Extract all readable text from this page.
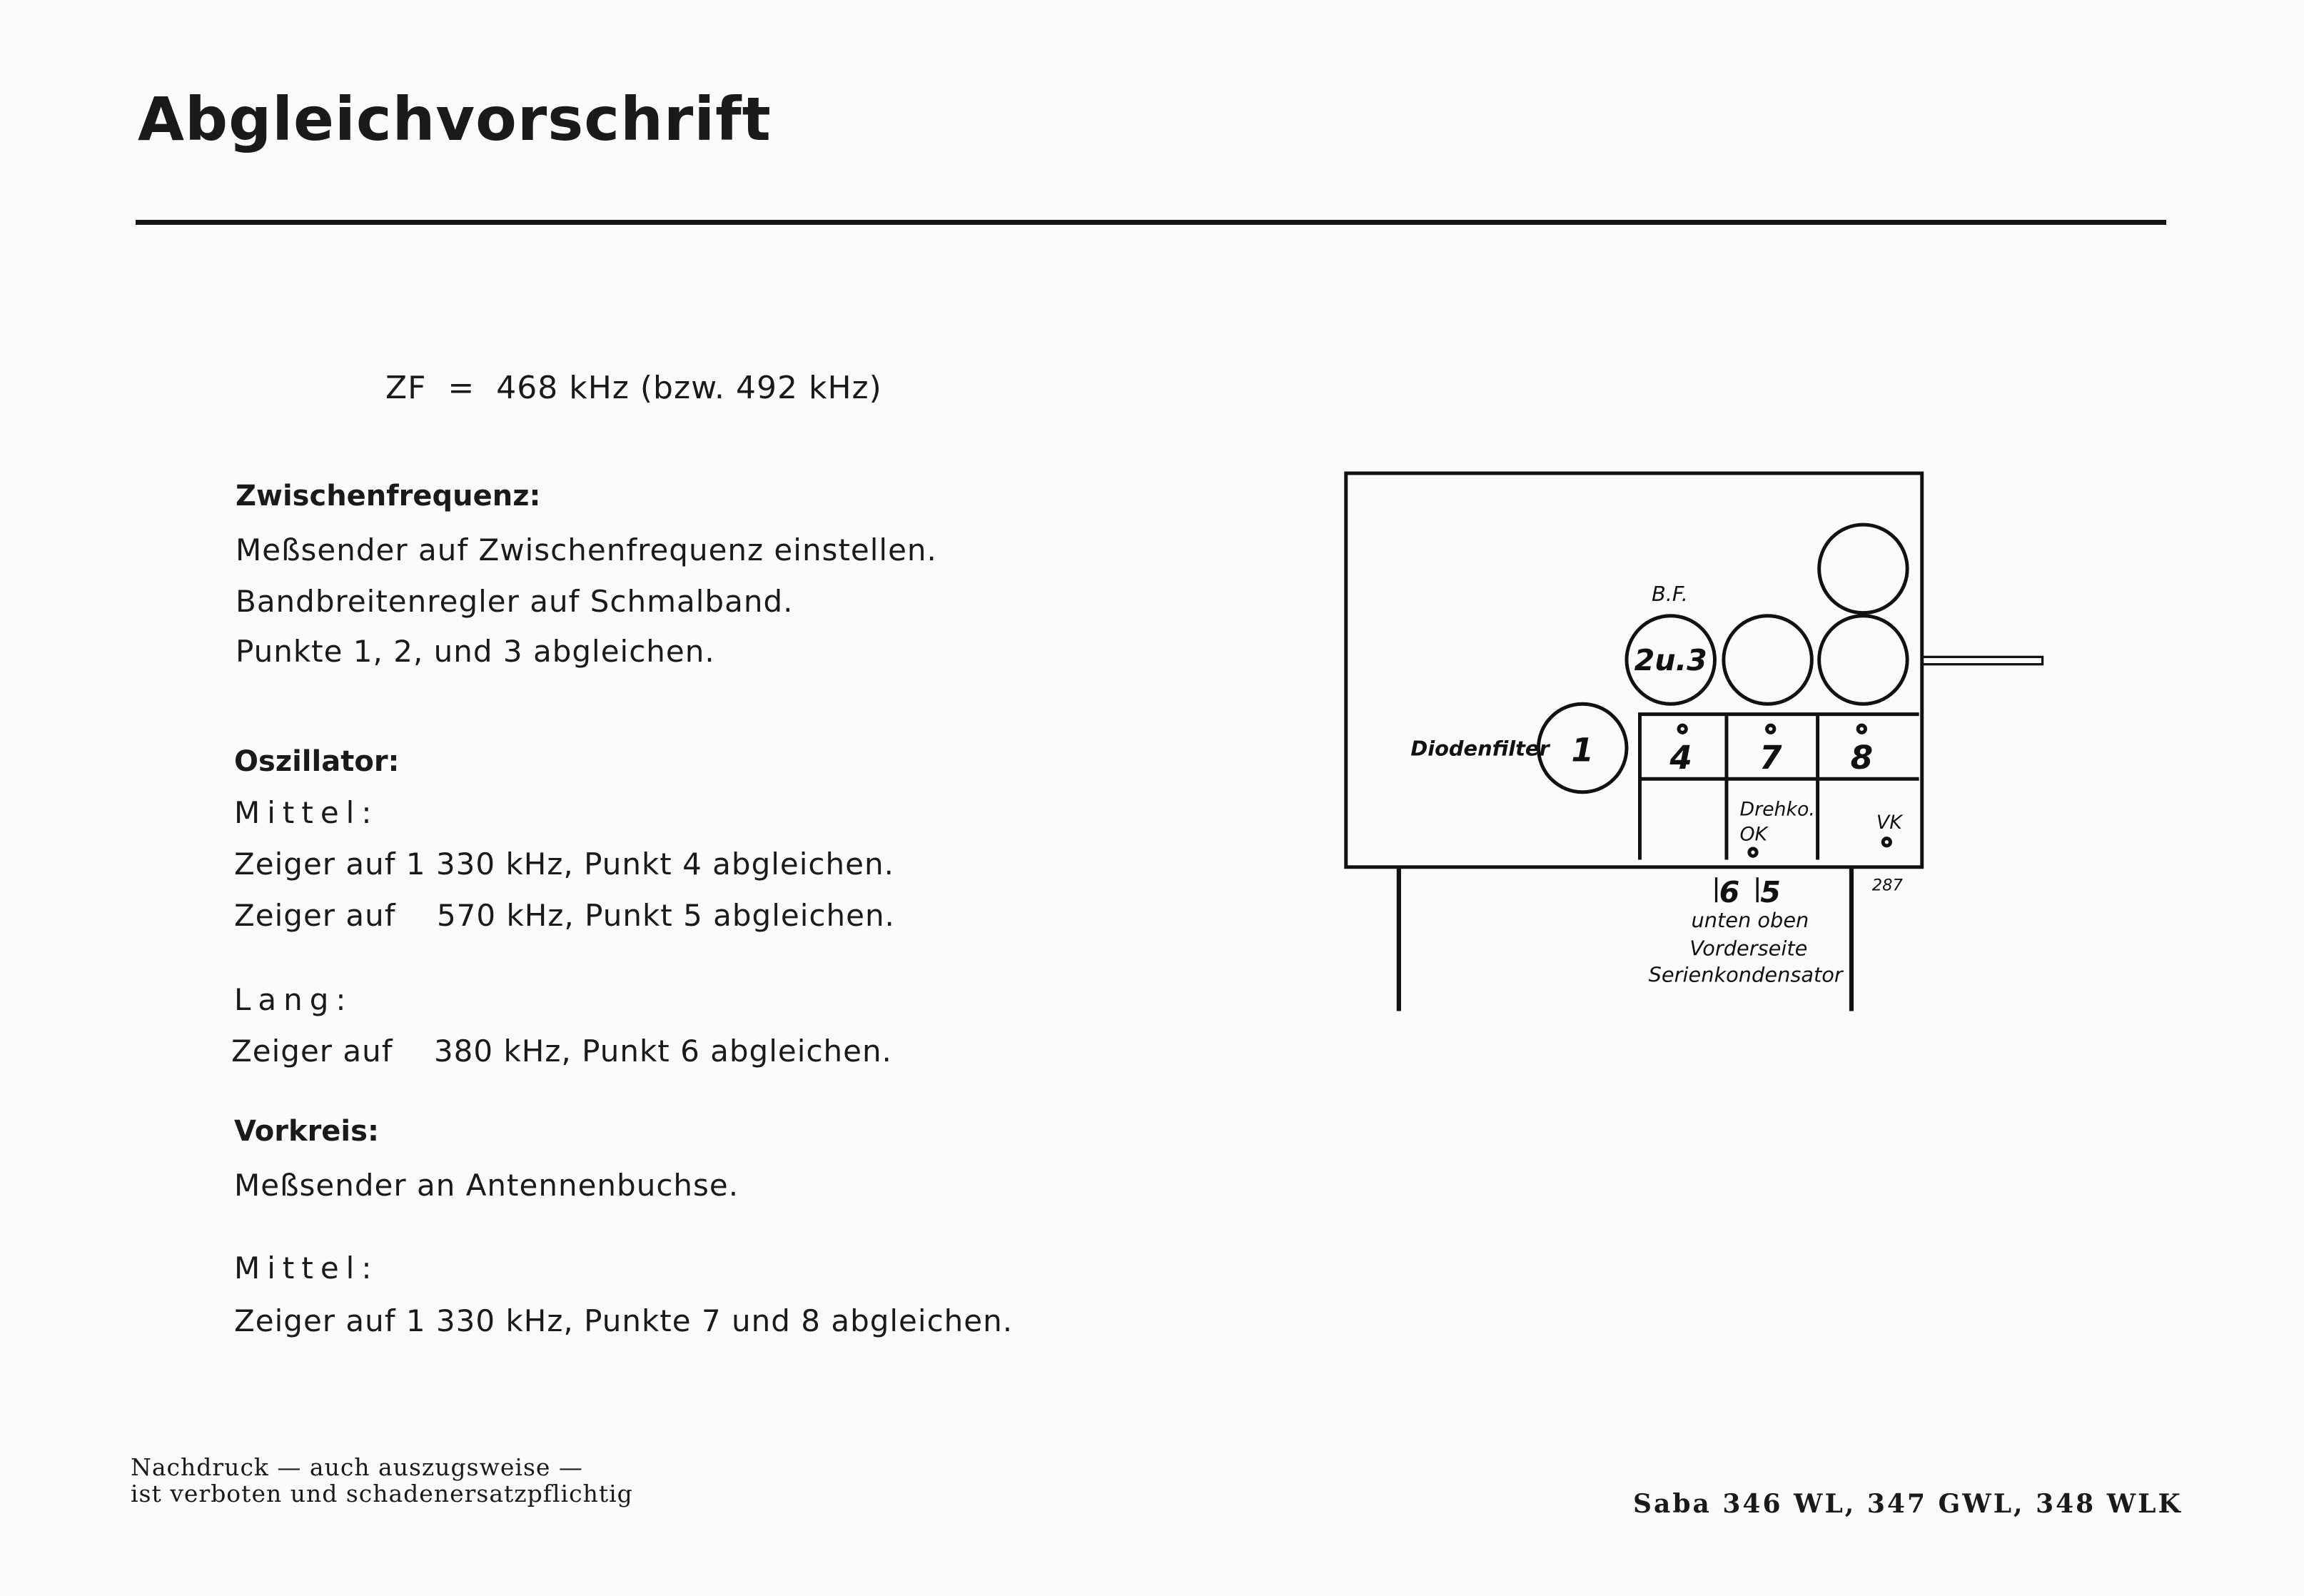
Abgleichvorschrift
ZF  =  468 kHz (bzw. 492 kHz)
Zwischenfrequenz:
Meßsender auf Zwischenfrequenz einstellen.
Bandbreitenregler auf Schmalband.
Punkte 1, 2, und 3 abgleichen.
Oszillator:
Mittel:
Zeiger auf 1 330 kHz, Punkt 4 abgleichen.
Zeiger auf    570 kHz, Punkt 5 abgleichen.
Lang:
Zeiger auf    380 kHz, Punkt 6 abgleichen.
Vorkreis:
Meßsender an Antennenbuchse.
Mittel:
Zeiger auf 1 330 kHz, Punkte 7 und 8 abgleichen.
B.F.
2u.3
Diodenfilter 1	4	7	8
Drehko.
OK
VK
6 5	287
unten oben
Vorderseite
Serienkondensator
Nachdruck — auch auszugsweise —
ist verboten und schadenersatzpflichtig	Saba 346 WL, 347 GWL, 348 WLK
